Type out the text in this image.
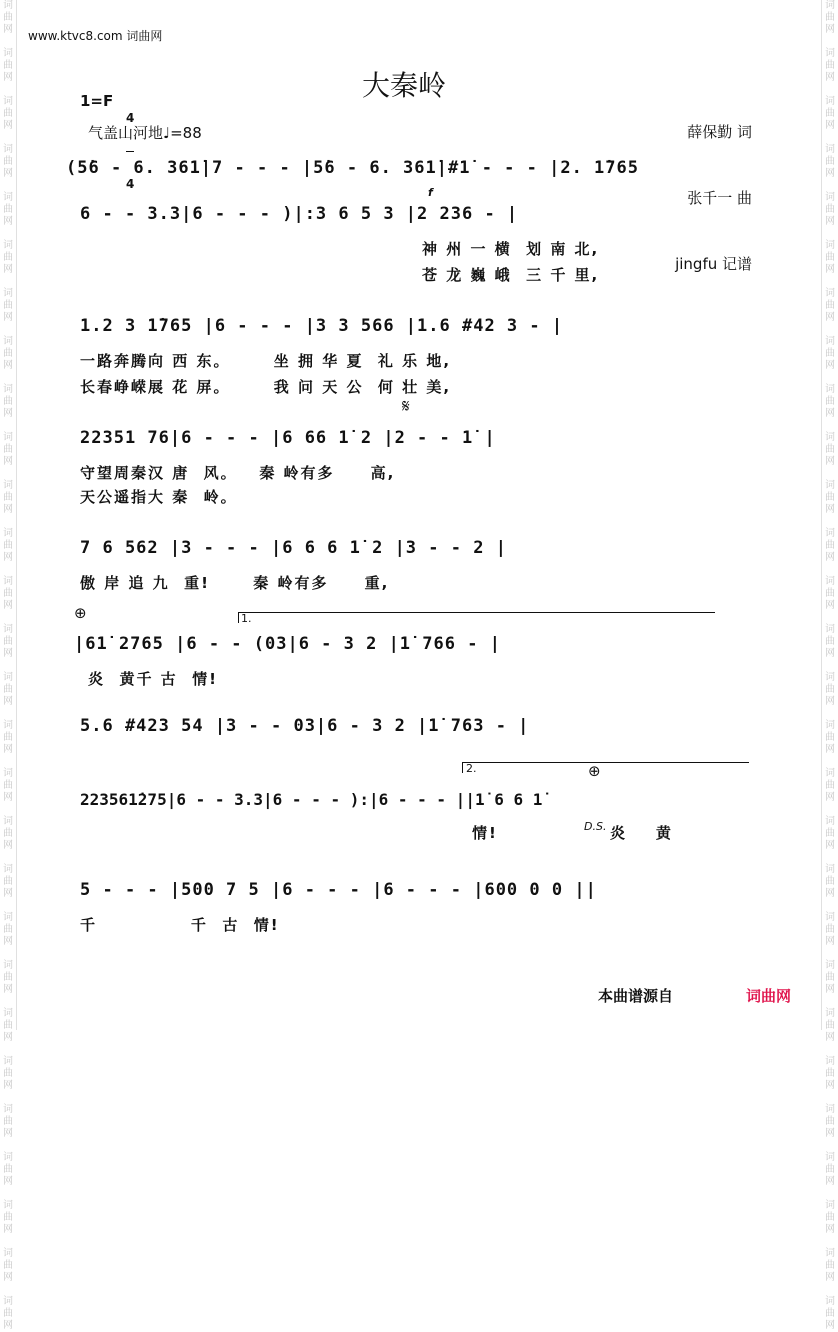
词
曲
网

词
曲
网

词
曲
网

词
曲
网

词
曲
网

词
曲
网

词
曲
网

词
曲
网

词
曲
网

词
曲
网

词
曲
网

词
曲
网

词
曲
网

词
曲
网

词
曲
网

词
曲
网

词
曲
网

词
曲
网

词
曲
网

词
曲
网

词
曲
网

词
曲
网

词
曲
网

词
曲
网

词
曲
网

词
曲
网

词
曲
网

词
曲
网

词
曲
网

词
曲
网

词
曲
网

词
曲
网

词
曲
网

词
曲
网

词
曲
网

词
曲
网

词
曲
网

词
曲
网

词
曲
网

词
曲
网

词
曲
网

词
曲
网

词
曲
网

词
曲
网

词
曲
网

词
曲
网

词
曲
网

词
曲
网

词
曲
网

词
曲
网

词
曲
网

词
曲
网

词
曲
网

词
曲
网

词
曲
网

词
曲
网

www.ktvc8.com 词曲网
大秦岭

薛保勤 词

张千一 曲

jingfu 记谱

1=F

4

4

气盖山河地♩=88
(5̇6 - 6. 361̇|7 - - - |5̇6 - 6. 361̇|#1̇ - - - |2. 1̇765
6 - - 3.3|6 - - - )|:3 6 5 3 |2 236 - |
f
神 州 一 横  划 南 北,
苍 龙 巍 峨  三 千 里,
1.2 3 1̇765 |6 - - - |3 3 566 |1.6 #42 3 - |
一路奔腾向 西 东。      坐 拥 华 夏  礼 乐 地,
长春峥嵘展 花 屏。      我 问 天 公  何 壮 美,
𝄋
22351 76|6 - - - |6 66 1̇ 2 |2 - - 1̇ |
守望周秦汉 唐  风。   秦 岭有多     高,
天公遥指大 秦  岭。
7 6 562 |3 - - - |6 6 6 1̇ 2 |3 - - 2 |
傲 岸 追 九  重!      秦 岭有多     重,
⊕	1.
|61̇ 2765 |6 - - (03|6 - 3 2 |1̇ 766 - |
炎  黄千 古  情!
5.6 #423 54 |3 - - 03|6 - 3 2 |1̇ 763 - |
2.	⊕
223561̇275|6 - - 3.3|6 - - - ):|6 - - - ||1̇ 6 6 1̇
情!	D.S. 炎    黄
5 - - - |500 7 5 |6 - - - |6 - - - |600 0 0 ||
千             千  古  情!
本曲谱源自	词曲网
